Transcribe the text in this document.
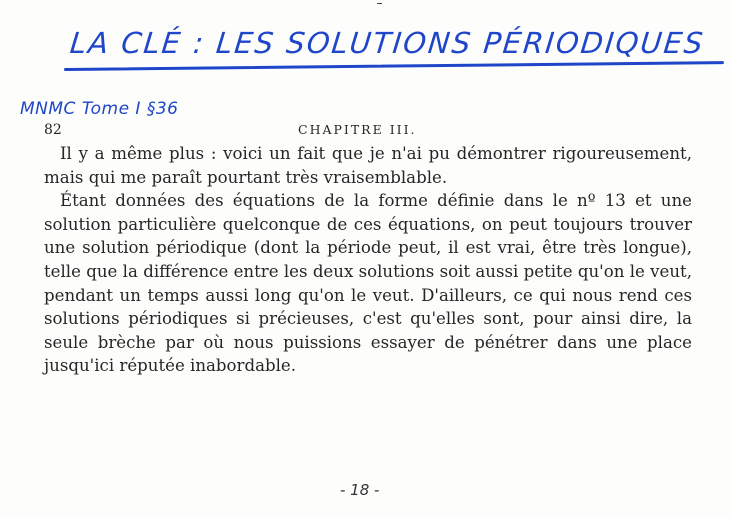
LA CLÉ : LES SOLUTIONS PÉRIODIQUES
MNMC Tome I §36
82	CHAPITRE III.

Il y a même plus : voici un fait que je n'ai pu démontrer rigoureusement, mais qui me paraît pourtant très vraisemblable.

Étant données des équations de la forme définie dans le nº 13 et une solution particulière quelconque de ces équations, on peut toujours trouver une solution périodique (dont la période peut, il est vrai, être très longue), telle que la différence entre les deux solutions soit aussi petite qu'on le veut, pendant un temps aussi long qu'on le veut. D'ailleurs, ce qui nous rend ces solutions périodiques si précieuses, c'est qu'elles sont, pour ainsi dire, la seule brèche par où nous puissions essayer de pénétrer dans une place jusqu'ici réputée inabordable.

- 18 -
